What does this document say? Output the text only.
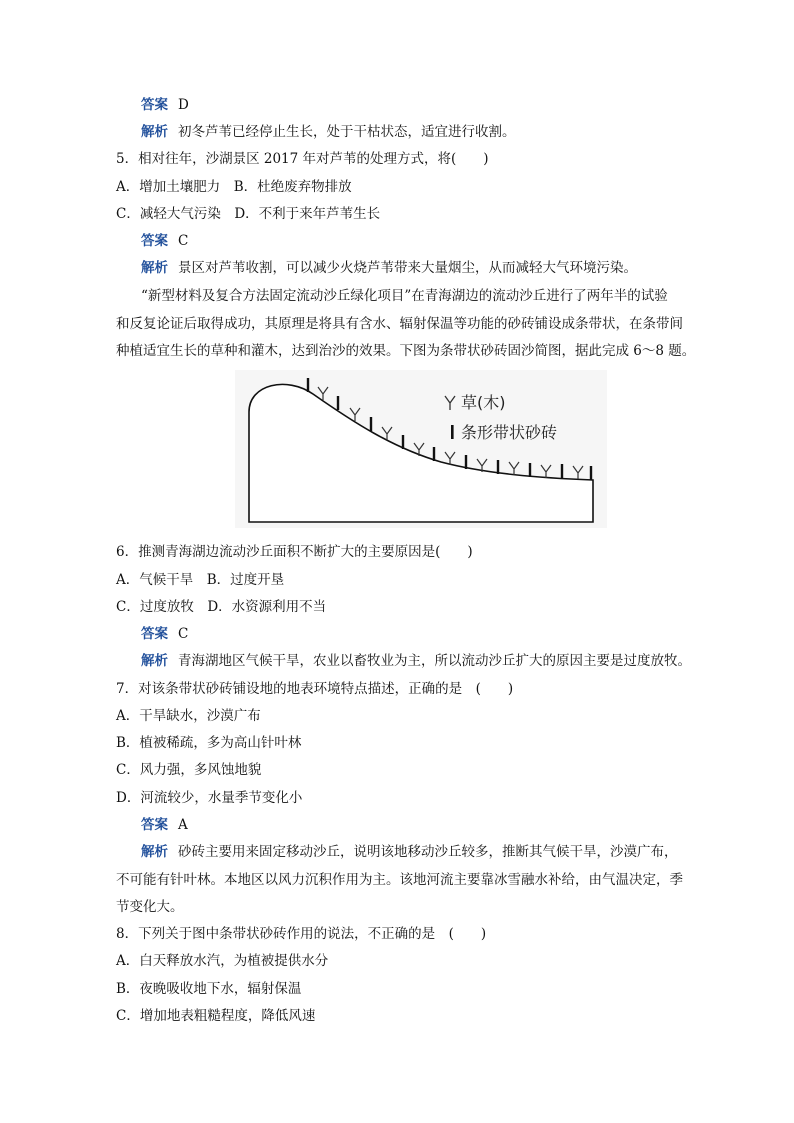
答案 D
解析 初冬芦苇已经停止生长，处于干枯状态，适宜进行收割。
5．相对往年，沙湖景区 2017 年对芦苇的处理方式，将(　　)
A．增加土壤肥力　B．杜绝废弃物排放
C．减轻大气污染　D．不利于来年芦苇生长
答案 C
解析 景区对芦苇收割，可以减少火烧芦苇带来大量烟尘，从而减轻大气环境污染。
“新型材料及复合方法固定流动沙丘绿化项目”在青海湖边的流动沙丘进行了两年半的试验
和反复论证后取得成功，其原理是将具有含水、辐射保温等功能的砂砖铺设成条带状，在条带间
种植适宜生长的草种和灌木，达到治沙的效果。下图为条带状砂砖固沙简图，据此完成 6～8 题。
草(木)
条形带状砂砖
6．推测青海湖边流动沙丘面积不断扩大的主要原因是(　　)
A．气候干旱　B．过度开垦
C．过度放牧　D．水资源利用不当
答案 C
解析 青海湖地区气候干旱，农业以畜牧业为主，所以流动沙丘扩大的原因主要是过度放牧。
7．对该条带状砂砖铺设地的地表环境特点描述，正确的是　(　　)
A．干旱缺水，沙漠广布
B．植被稀疏，多为高山针叶林
C．风力强，多风蚀地貌
D．河流较少，水量季节变化小
答案 A
解析 砂砖主要用来固定移动沙丘，说明该地移动沙丘较多，推断其气候干旱，沙漠广布，
不可能有针叶林。本地区以风力沉积作用为主。该地河流主要靠冰雪融水补给，由气温决定，季
节变化大。
8．下列关于图中条带状砂砖作用的说法，不正确的是　(　　)
A．白天释放水汽，为植被提供水分
B．夜晚吸收地下水，辐射保温
C．增加地表粗糙程度，降低风速
